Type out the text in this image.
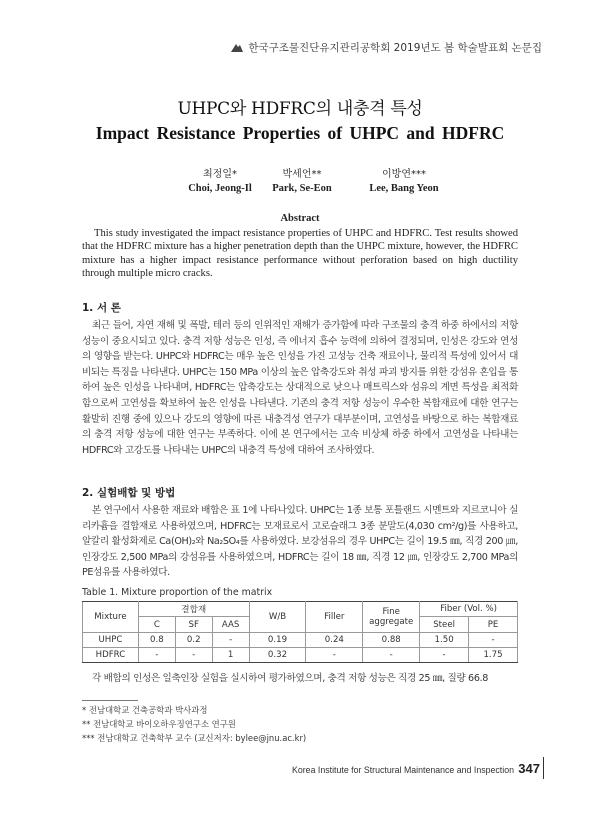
한국구조물진단유지관리공학회 2019년도 봄 학술발표회 논문집
UHPC와 HDFRC의 내충격 특성
Impact Resistance Properties of UHPC and HDFRC
최정일*
Choi, Jeong-Il
박세언**
Park, Se-Eon
이방연***
Lee, Bang Yeon
Abstract

This study investigated the impact resistance properties of UHPC and HDFRC. Test results showed that the HDFRC mixture has a higher penetration depth than the UHPC mixture, however, the HDFRC mixture has a higher impact resistance performance without perforation based on high ductility through multiple micro cracks.

1. 서 론

최근 들어, 자연 재해 및 폭발, 테러 등의 인위적인 재해가 증가함에 따라 구조물의 충격 하중 하에서의 저항 성능이 중요시되고 있다. 충격 저항 성능은 인성, 즉 에너지 흡수 능력에 의하여 결정되며, 인성은 강도와 연성의 영향을 받는다. UHPC와 HDFRC는 매우 높은 인성을 가진 고성능 건축 재료이나, 물리적 특성에 있어서 대비되는 특징을 나타낸다. UHPC는 150 MPa 이상의 높은 압축강도와 취성 파괴 방지를 위한 강섬유 혼입을 통하여 높은 인성을 나타내며, HDFRC는 압축강도는 상대적으로 낮으나 매트릭스와 섬유의 계면 특성을 최적화함으로써 고연성을 확보하여 높은 인성을 나타낸다. 기존의 충격 저항 성능이 우수한 복합재료에 대한 연구는 활발히 진행 중에 있으나 강도의 영향에 따른 내충격성 연구가 대부분이며, 고연성을 바탕으로 하는 복합재료의 충격 저항 성능에 대한 연구는 부족하다. 이에 본 연구에서는 고속 비상체 하중 하에서 고연성을 나타내는 HDFRC와 고강도를 나타내는 UHPC의 내충격 특성에 대하여 조사하였다.

2. 실험배합 및 방법

본 연구에서 사용한 재료와 배합은 표 1에 나타나있다. UHPC는 1종 보통 포틀랜드 시멘트와 지르코니아 실리카흄을 결합재로 사용하였으며, HDFRC는 모재료로서 고로슬래그 3종 분말도(4,030 cm²/g)를 사용하고, 알칼리 활성화제로 Ca(OH)₂와 Na₂SO₄를 사용하였다. 보강섬유의 경우 UHPC는 길이 19.5 ㎜, 직경 200 ㎛, 인장강도 2,500 MPa의 강섬유를 사용하였으며, HDFRC는 길이 18 ㎜, 직경 12 ㎛, 인장강도 2,700 MPa의 PE섬유를 사용하였다.

Table 1. Mixture proportion of the matrix
Mixture	결합재			W/B	Filler	Fine aggregate	Fiber (Vol. %)	
	C	SF	AAS				Steel	PE
UHPC	0.8	0.2	-	0.19	0.24	0.88	1.50	-
HDFRC	-	-	1	0.32	-	-	-	1.75

각 배합의 인성은 일축인장 실험을 실시하여 평가하였으며, 충격 저항 성능은 직경 25 ㎜, 질량 66.8

* 전남대학교 건축공학과 박사과정
** 전남대학교 바이오하우징연구소 연구원
*** 전남대학교 건축학부 교수 (교신저자: bylee@jnu.ac.kr)
Korea Institute for Structural Maintenance and Inspection 347
